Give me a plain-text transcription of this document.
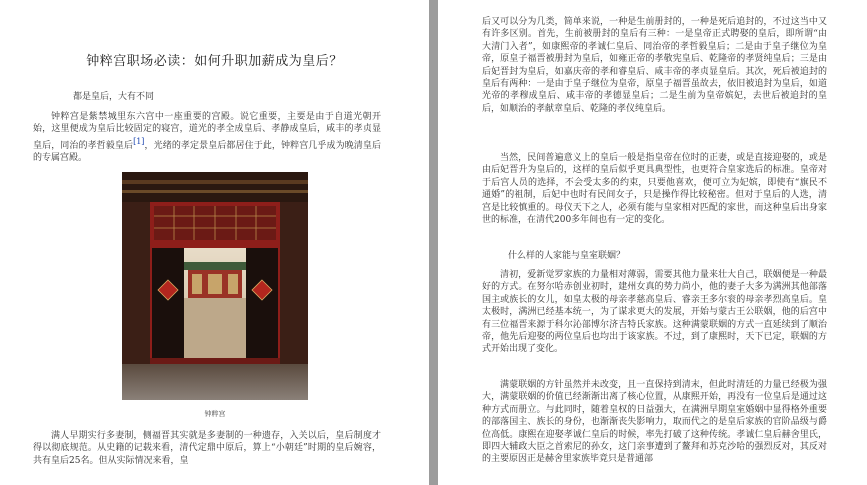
钟粹宫职场必读：如何升职加薪成为皇后？
都是皇后，大有不同

钟粹宫是紫禁城里东六宫中一座重要的宫殿。说它重要，主要是由于自道光朝开始，这里便成为皇后比较固定的寝宫，道光的孝全成皇后、孝静成皇后，咸丰的孝贞显皇后，同治的孝哲毅皇后[1]，光绪的孝定景皇后都居住于此，钟粹宫几乎成为晚清皇后的专属宫殿。

钟粹宫

满人早期实行多妻制，侧福晋其实就是多妻制的一种遗存，入关以后，皇后制度才得以彻底规范。从史籍的记载来看，清代定鼎中原后，算上“小朝廷”时期的皇后婉容，共有皇后25名。但从实际情况来看，皇

后又可以分为几类，简单来说，一种是生前册封的，一种是死后追封的，不过这当中又有许多区别。首先，生前被册封的皇后有三种：一是皇帝正式聘娶的皇后，即所谓“由大清门入者”，如康熙帝的孝诚仁皇后、同治帝的孝哲毅皇后；二是由于皇子继位为皇帝，原皇子福晋被册封为皇后，如雍正帝的孝敬宪皇后、乾隆帝的孝贤纯皇后；三是由后妃晋封为皇后，如嘉庆帝的孝和睿皇后、咸丰帝的孝贞显皇后。其次，死后被追封的皇后有两种：一是由于皇子继位为皇帝，原皇子福晋虽故去，依旧被追封为皇后，如道光帝的孝穆成皇后、咸丰帝的孝德显皇后；二是生前为皇帝嫔妃，去世后被追封的皇后，如顺治的孝献章皇后、乾隆的孝仪纯皇后。

当然，民间普遍意义上的皇后一般是指皇帝在位时的正妻，或是直接迎娶的，或是由后妃晋升为皇后的，这样的皇后似乎更具典型性，也更符合皇家选后的标准。皇帝对于后宫人员的选择，不会受太多的约束，只要他喜欢，便可立为妃嫔，即使有“旗民不通婚”的祖制，后妃中也时有民间女子，只是操作得比较秘密。但对于皇后的人选，清宫是比较慎重的。母仪天下之人，必须有能与皇家相对匹配的家世，而这种皇后出身家世的标准，在清代200多年间也有一定的变化。

什么样的人家能与皇室联姻？

清初，爱新觉罗家族的力量相对薄弱，需要其他力量来壮大自己，联姻便是一种最好的方式。在努尔哈赤创业初时，建州女真的势力尚小，他的妻子大多为满洲其他部落国主或族长的女儿，如皇太极的母亲孝慈高皇后、睿亲王多尔衮的母亲孝烈高皇后。皇太极时，满洲已经基本统一，为了谋求更大的发展，开始与蒙古王公联姻，他的后宫中有三位福晋来源于科尔沁部博尔济吉特氏家族。这种满蒙联姻的方式一直延续到了顺治帝，他先后迎娶的两位皇后也均出于该家族。不过，到了康熙时，天下已定，联姻的方式开始出现了变化。

满蒙联姻的方针虽然并未改变，且一直保持到清末，但此时清廷的力量已经极为强大，满蒙联姻的价值已经渐渐出离了核心位置，从康熙开始，再没有一位皇后是通过这种方式而册立。与此同时，随着皇权的日益强大，在满洲早期皇室婚姻中显得格外重要的部落国主、族长的身份，也渐渐丧失影响力，取而代之的是皇后家族的官阶品级与爵位高低。康熙在迎娶孝诚仁皇后的时候，率先打破了这种传统。孝诚仁皇后赫舍里氏，即四大辅政大臣之首索尼的孙女，这门亲事遭到了鳌拜和苏克沙哈的强烈反对，其反对的主要原因正是赫舍里家族毕竟只是普通部
